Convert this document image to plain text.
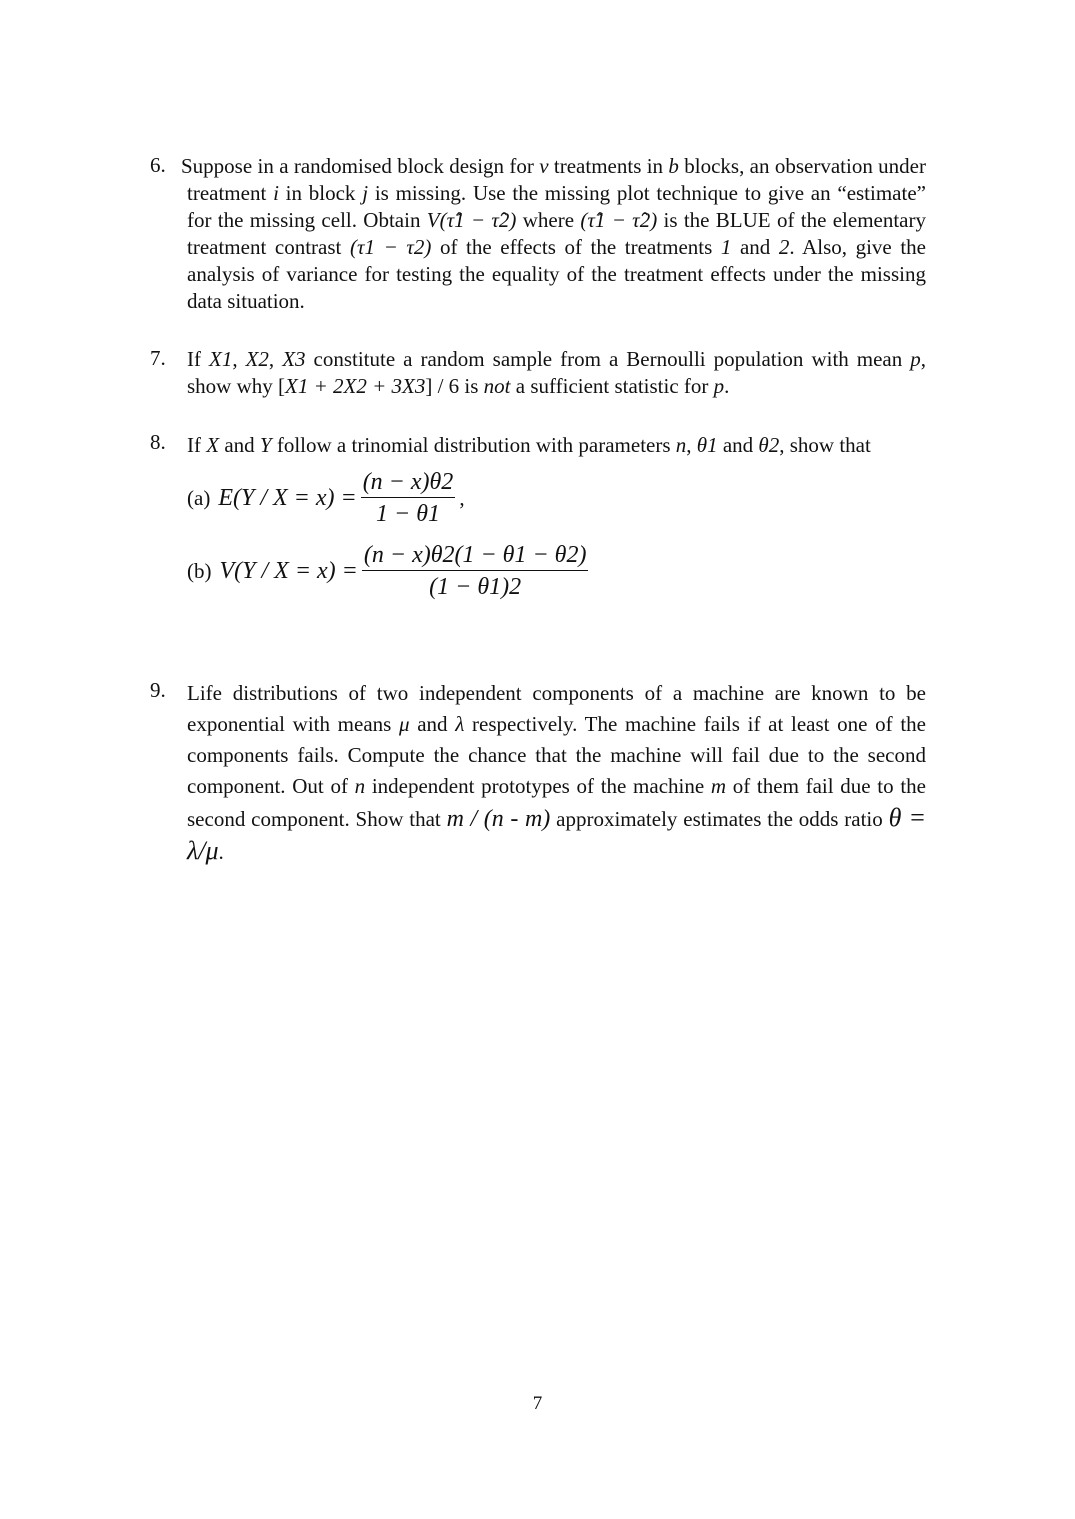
6. Suppose in a randomised block design for v treatments in b blocks, an observation under treatment i in block j is missing. Use the missing plot technique to give an “estimate” for the missing cell. Obtain V(τ̂1 − τ̂2) where (τ̂1 − τ̂2) is the BLUE of the elementary treatment contrast (τ1 − τ2) of the effects of the treatments 1 and 2. Also, give the analysis of variance for testing the equality of the treatment effects under the missing data situation.
7. If X1, X2, X3 constitute a random sample from a Bernoulli population with mean p, show why [X1 + 2X2 + 3X3] / 6 is not a sufficient statistic for p.
8. If X and Y follow a trinomial distribution with parameters n, θ1 and θ2, show that
(a) $E(Y / X = x) = \frac{(n - x)\theta 2}{1 - \theta 1}$ ,
(b) $V(Y / X = x) = \frac{(n - x)\theta 2(1 - \theta 1 - \theta 2)}{(1 - \theta 1)2}$
9. Life distributions of two independent components of a machine are known to be exponential with means μ and λ respectively. The machine fails if at least one of the components fails. Compute the chance that the machine will fail due to the second component. Out of n independent prototypes of the machine m of them fail due to the second component. Show that m / (n - m) approximately estimates the odds ratio θ = λ/μ.
7
